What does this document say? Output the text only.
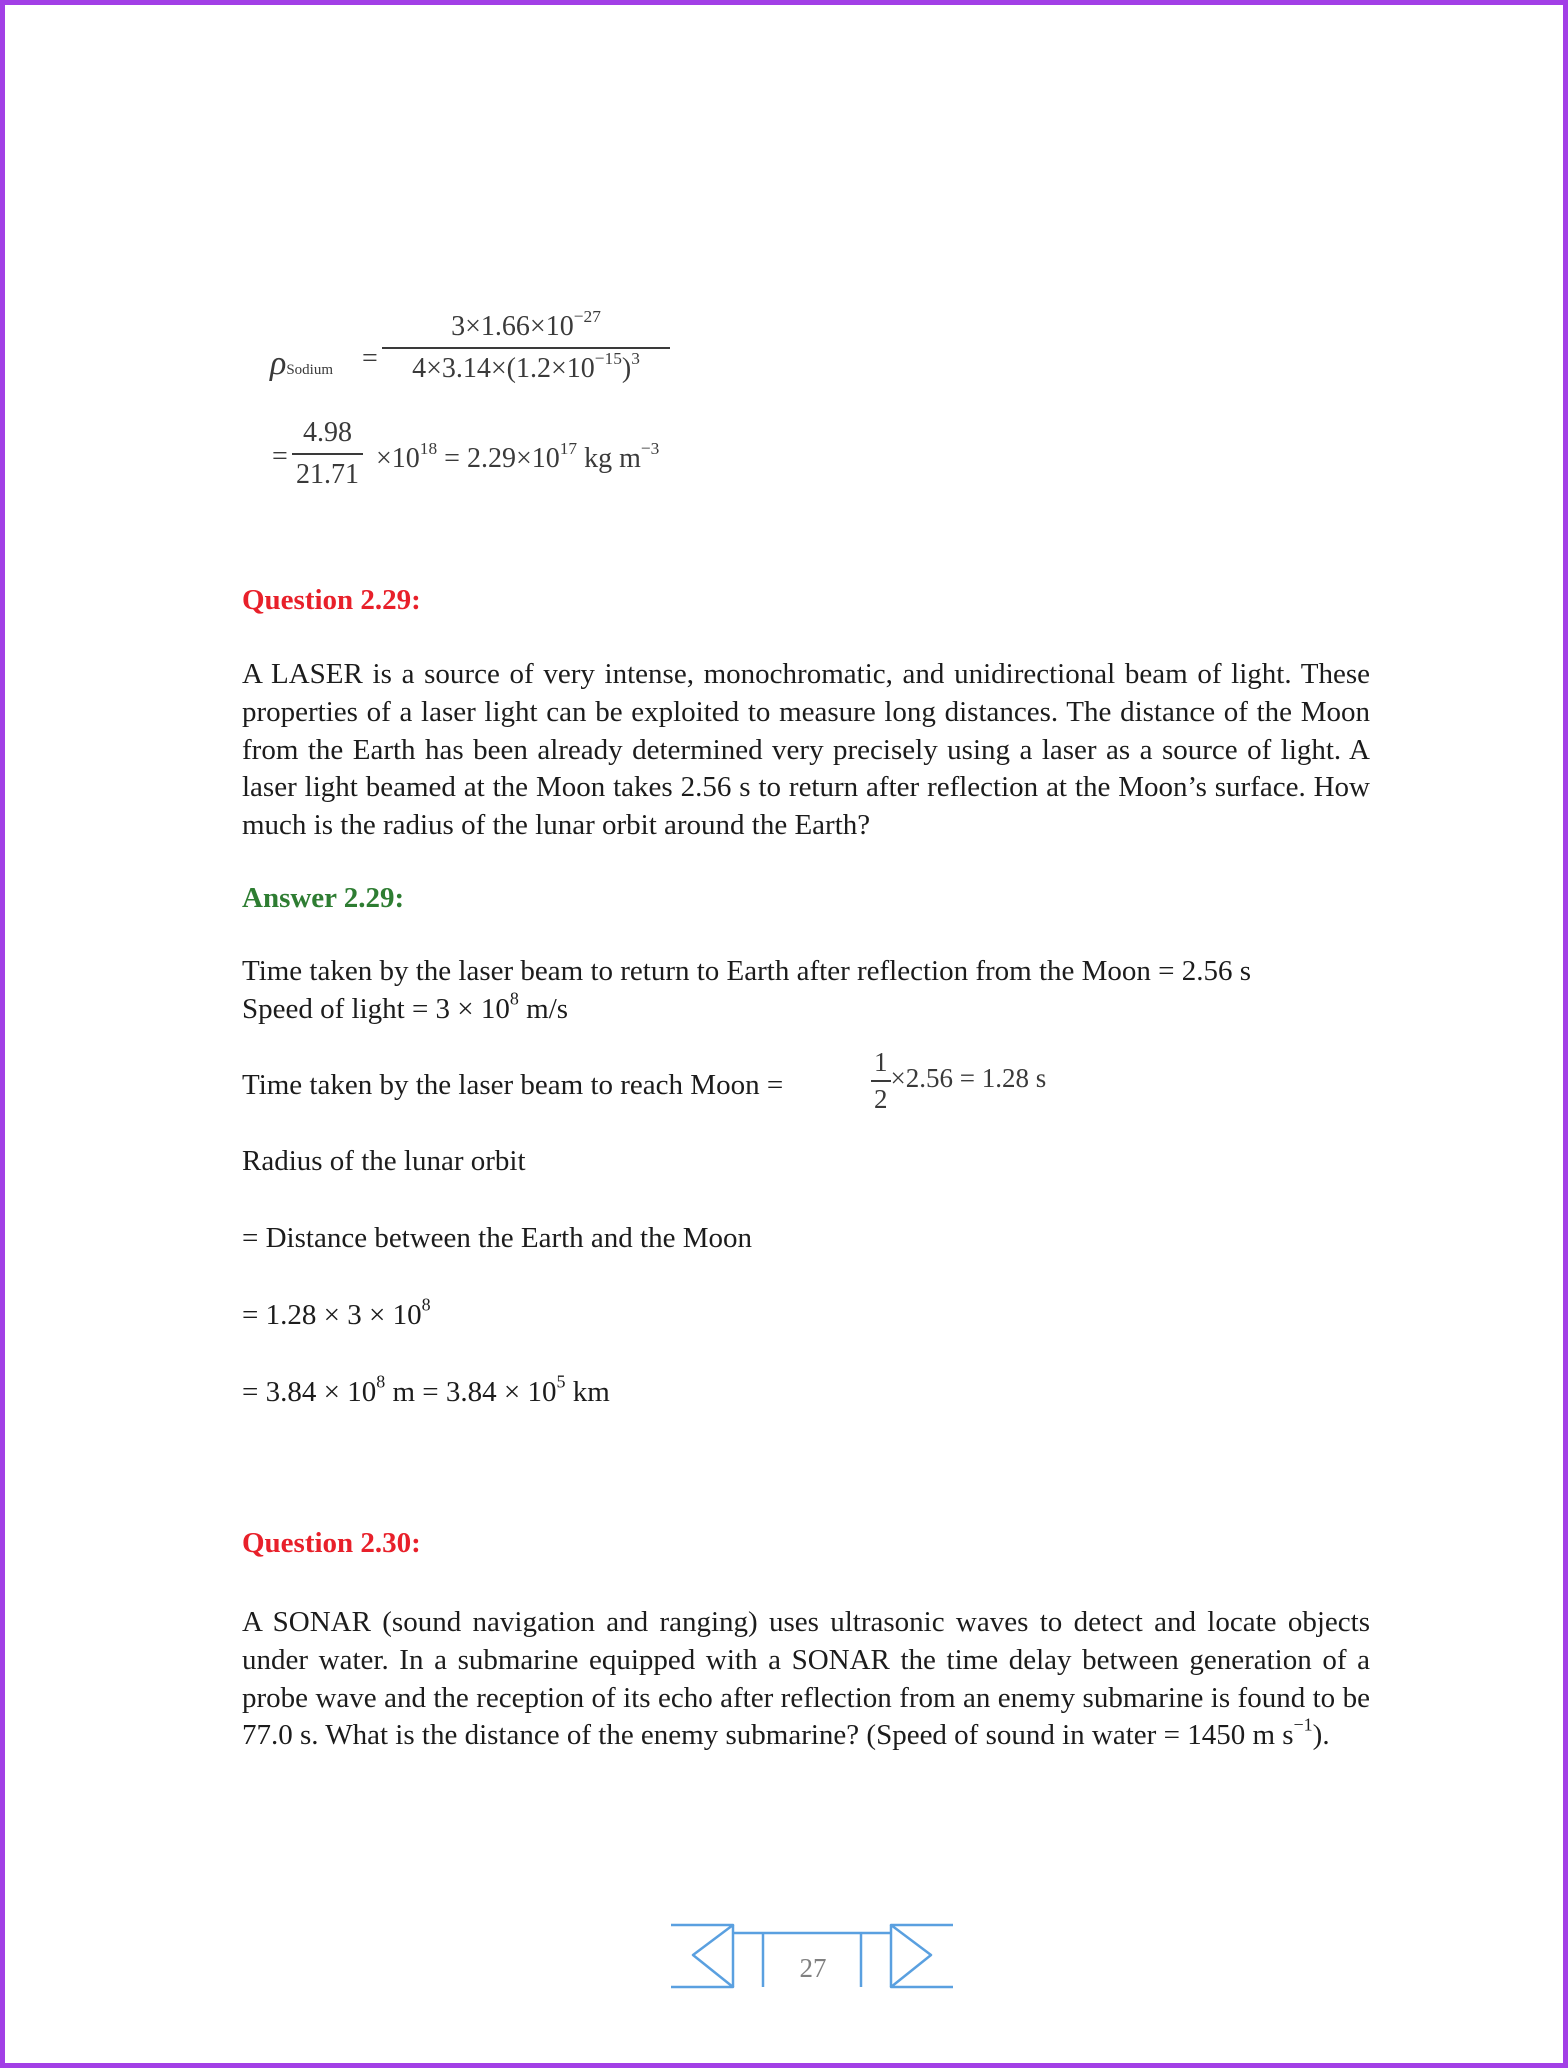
ρSodium = $\frac{3\times 1.66\times 10^{-27}}{4\times 3.14\times(1.2\times 10^{-15})^3}$
= $\frac{4.98}{21.71} \times 10^{18} = 2.29\times 10^{17}$ kg $m^{-3}$
Question 2.29:
A LASER is a source of very intense, monochromatic, and unidirectional beam of light. These properties of a laser light can be exploited to measure long distances. The distance of the Moon from the Earth has been already determined very precisely using a laser as a source of light. A laser light beamed at the Moon takes 2.56 s to return after reflection at the Moon’s surface. How much is the radius of the lunar orbit around the Earth?
Answer 2.29:
Time taken by the laser beam to return to Earth after reflection from the Moon = 2.56 s
Speed of light = $3 \times 10^8$ m/s
Time taken by the laser beam to reach Moon =	$\frac{1}{2} \times 2.56 = 1.28$ s
Radius of the lunar orbit
= Distance between the Earth and the Moon
= $1.28 \times 3 \times 10^8$
= $3.84 \times 10^8$ $m = 3.84 \times 10^5$ km
Question 2.30:
A SONAR (sound navigation and ranging) uses ultrasonic waves to detect and locate objects under water. In a submarine equipped with a SONAR the time delay between generation of a probe wave and the reception of its echo after reflection from an enemy submarine is found to be 77.0 s. What is the distance of the enemy submarine? (Speed of sound in water = 1450 m $s^{-1}$).
27
